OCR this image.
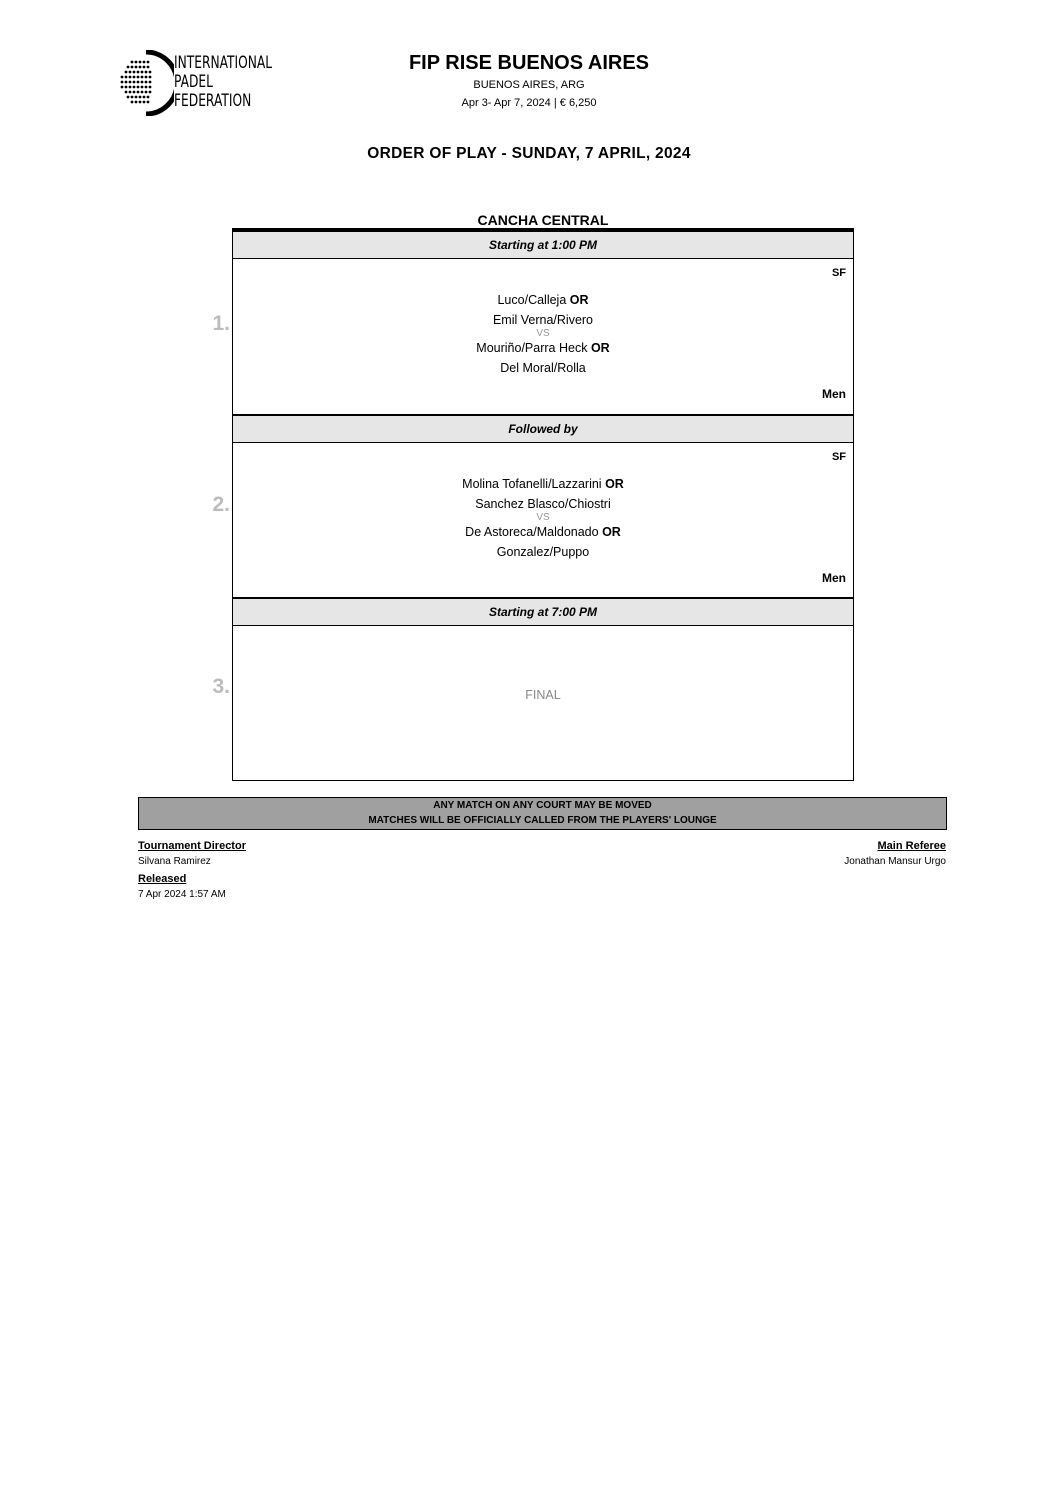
INTERNATIONAL
PADEL
FEDERATION
FIP RISE BUENOS AIRES
BUENOS AIRES, ARG
Apr 3- Apr 7, 2024 | € 6,250
ORDER OF PLAY - SUNDAY, 7 APRIL, 2024
CANCHA CENTRAL
1.
2.
3.
Starting at 1:00 PM
SF
Luco/Calleja OR
Emil Verna/Rivero
VS
Mouriño/Parra Heck OR
Del Moral/Rolla
Men
Followed by
SF
Molina Tofanelli/Lazzarini OR
Sanchez Blasco/Chiostri
VS
De Astoreca/Maldonado OR
Gonzalez/Puppo
Men
Starting at 7:00 PM
FINAL
ANY MATCH ON ANY COURT MAY BE MOVED
MATCHES WILL BE OFFICIALLY CALLED FROM THE PLAYERS' LOUNGE
Tournament Director
Silvana Ramirez
Released
7 Apr 2024 1:57 AM
Main Referee
Jonathan Mansur Urgo
